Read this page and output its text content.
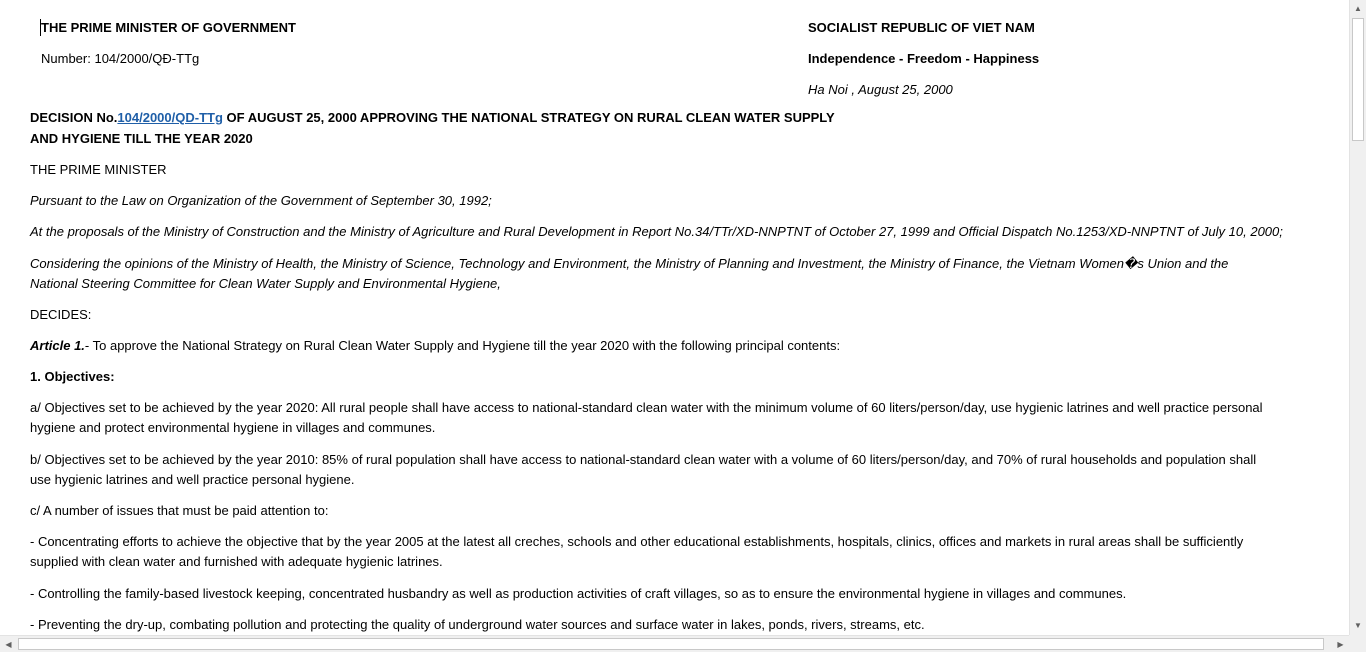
THE PRIME MINISTER OF GOVERNMENT
Number: 104/2000/QĐ-TTg
SOCIALIST REPUBLIC OF VIET NAM
Independence - Freedom - Happiness
Ha Noi , August 25, 2000
DECISION No.104/2000/QD-TTg OF AUGUST 25, 2000 APPROVING THE NATIONAL STRATEGY ON RURAL CLEAN WATER SUPPLY
AND HYGIENE TILL THE YEAR 2020
THE PRIME MINISTER
Pursuant to the Law on Organization of the Government of September 30, 1992;
At the proposals of the Ministry of Construction and the Ministry of Agriculture and Rural Development in Report No.34/TTr/XD-NNPTNT of October 27, 1999 and Official Dispatch No.1253/XD-NNPTNT of July 10, 2000;
Considering the opinions of the Ministry of Health, the Ministry of Science, Technology and Environment, the Ministry of Planning and Investment, the Ministry of Finance, the Vietnam Women�s Union and the
National Steering Committee for Clean Water Supply and Environmental Hygiene,
DECIDES:
Article 1.- To approve the National Strategy on Rural Clean Water Supply and Hygiene till the year 2020 with the following principal contents:
1. Objectives:
a/ Objectives set to be achieved by the year 2020: All rural people shall have access to national-standard clean water with the minimum volume of 60 liters/person/day, use hygienic latrines and well practice personal
hygiene and protect environmental hygiene in villages and communes.
b/ Objectives set to be achieved by the year 2010: 85% of rural population shall have access to national-standard clean water with a volume of 60 liters/person/day, and 70% of rural households and population shall
use hygienic latrines and well practice personal hygiene.
c/ A number of issues that must be paid attention to:
- Concentrating efforts to achieve the objective that by the year 2005 at the latest all creches, schools and other educational establishments, hospitals, clinics, offices and markets in rural areas shall be sufficiently
supplied with clean water and furnished with adequate hygienic latrines.
- Controlling the family-based livestock keeping, concentrated husbandry as well as production activities of craft villages, so as to ensure the environmental hygiene in villages and communes.
- Preventing the dry-up, combating pollution and protecting the quality of underground water sources and surface water in lakes, ponds, rivers, streams, etc.
▲
▼
◀	▶
